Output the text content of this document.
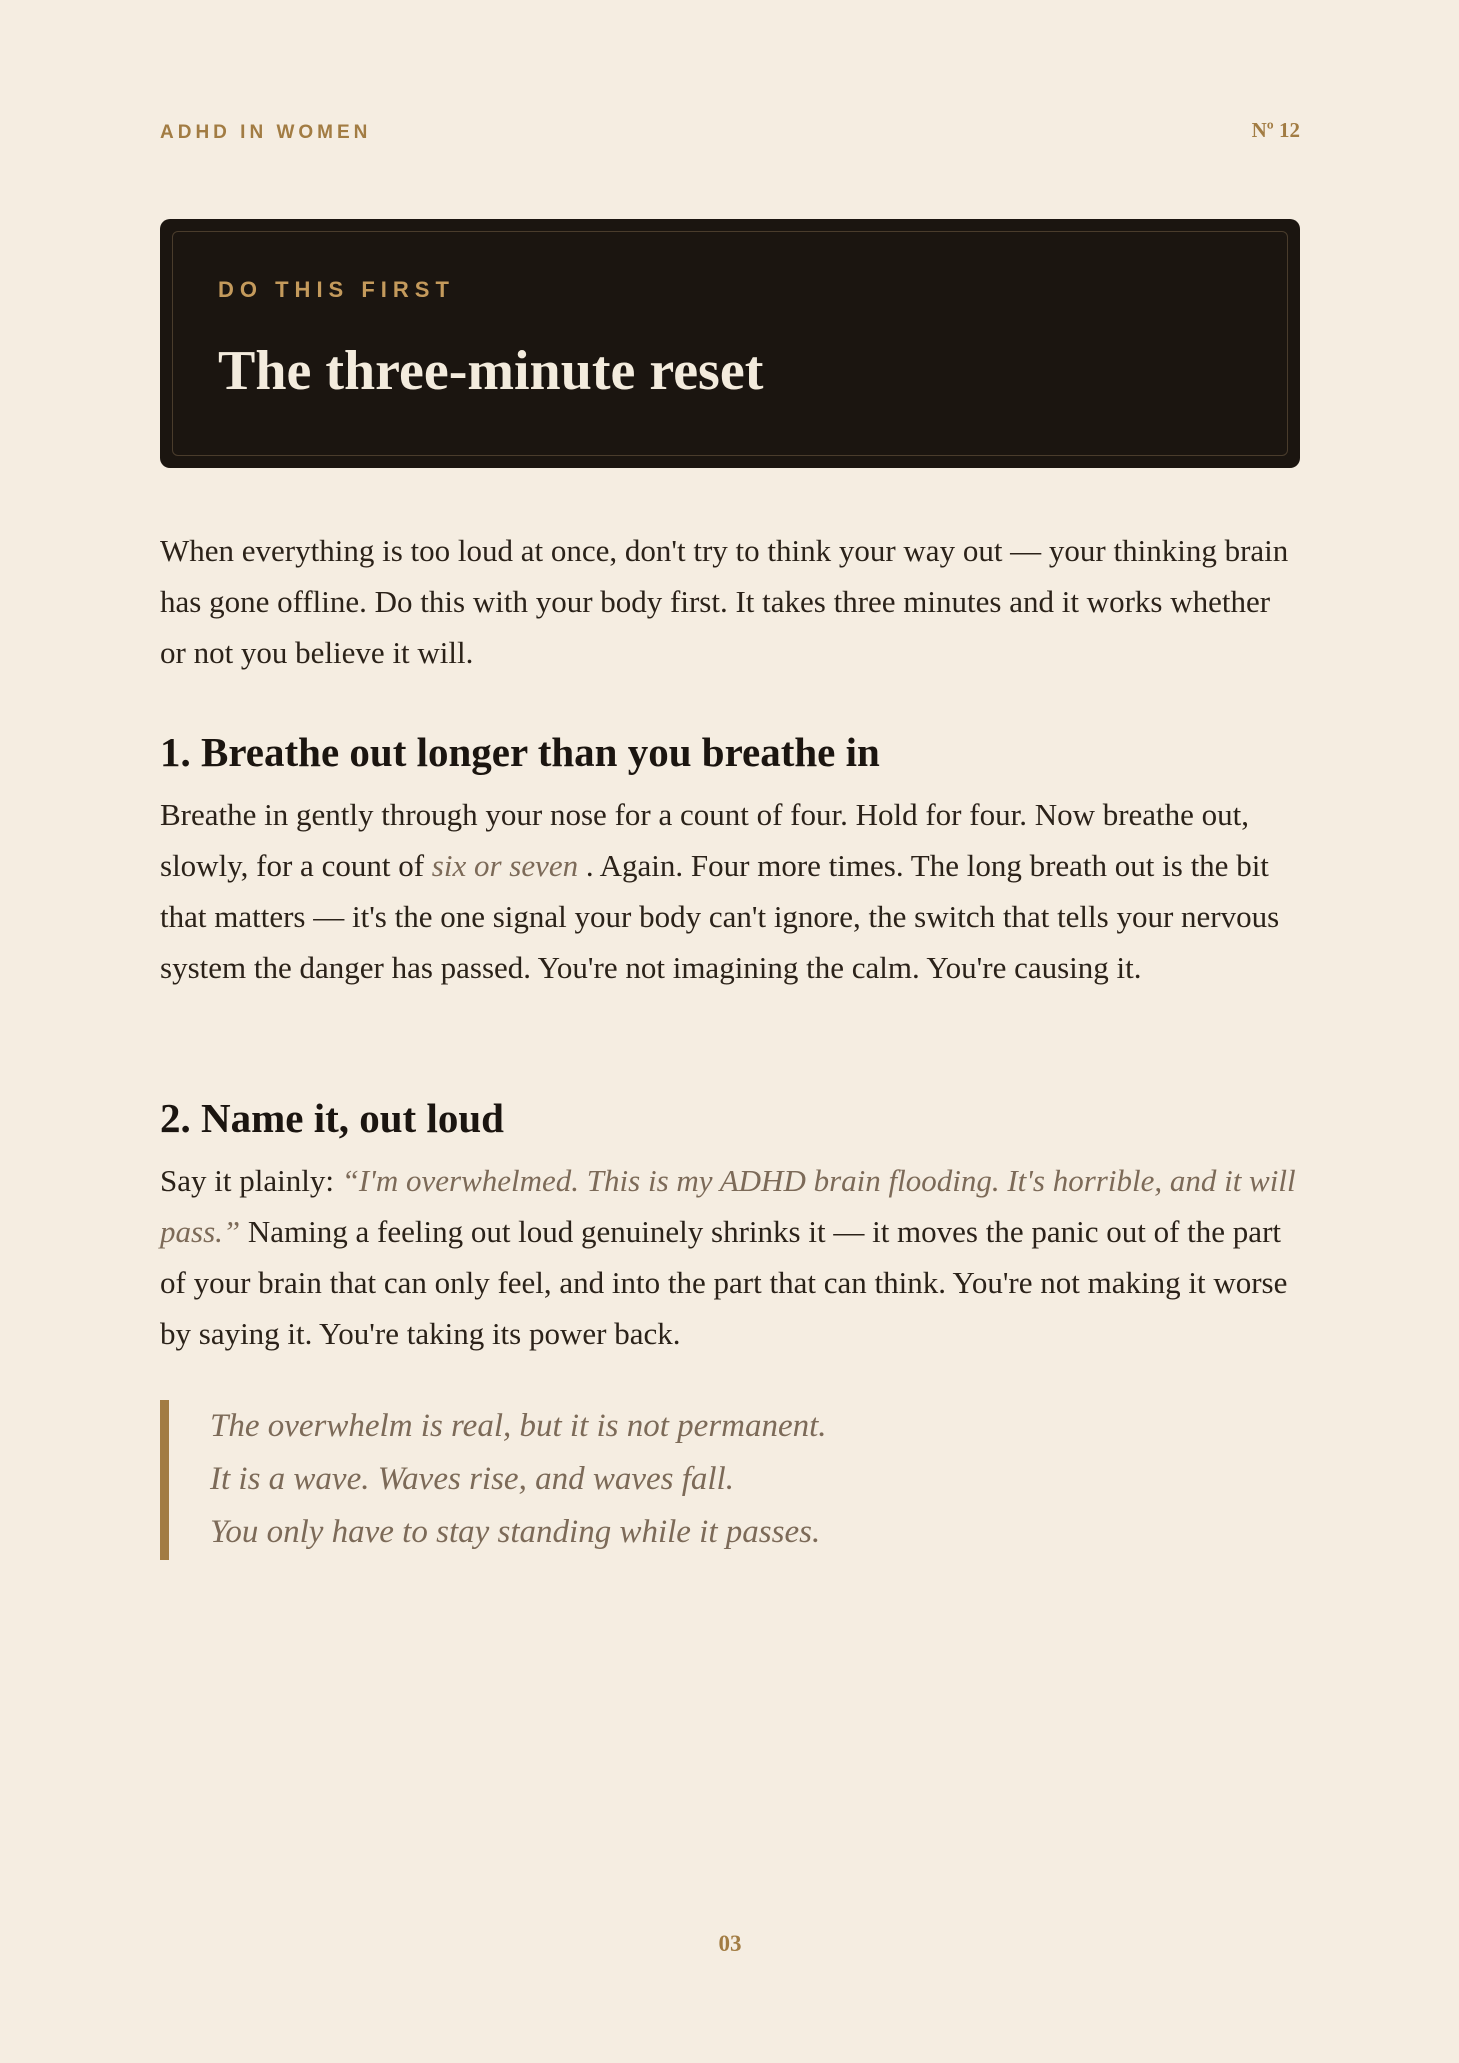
ADHD IN WOMEN	Nº 12
DO THIS FIRST
The three-minute reset

When everything is too loud at once, don't try to think your way out — your thinking brain has gone offline. Do this with your body first. It takes three minutes and it works whether or not you believe it will.

1. Breathe out longer than you breathe in

Breathe in gently through your nose for a count of four. Hold for four. Now breathe out, slowly, for a count of six or seven . Again. Four more times. The long breath out is the bit that matters — it's the one signal your body can't ignore, the switch that tells your nervous system the danger has passed. You're not imagining the calm. You're causing it.

2. Name it, out loud

Say it plainly: “I'm overwhelmed. This is my ADHD brain flooding. It's horrible, and it will pass.” Naming a feeling out loud genuinely shrinks it — it moves the panic out of the part of your brain that can only feel, and into the part that can think. You're not making it worse by saying it. You're taking its power back.

The overwhelm is real, but it is not permanent.
It is a wave. Waves rise, and waves fall.
You only have to stay standing while it passes.
03
